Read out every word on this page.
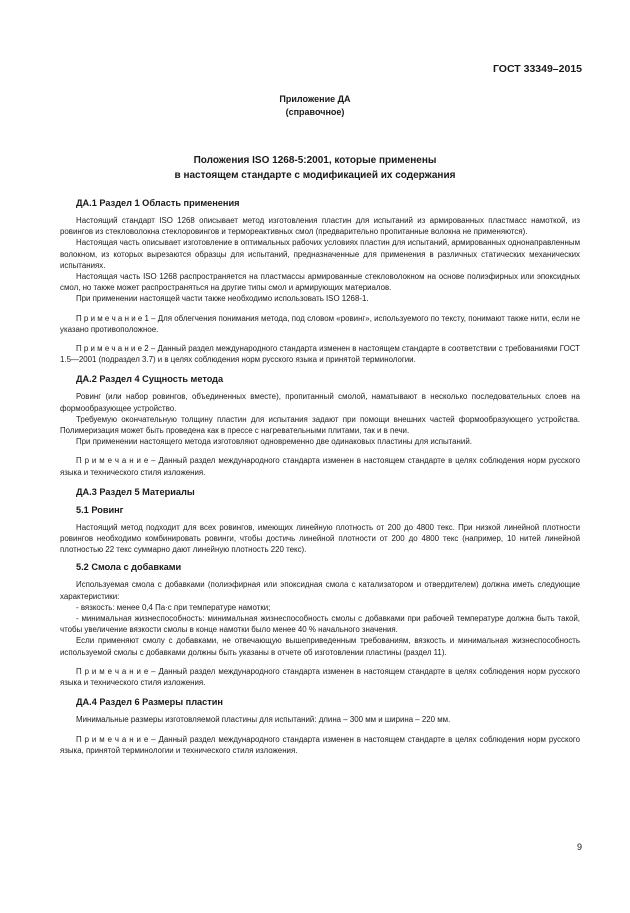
ГОСТ 33349–2015
Приложение ДА
(справочное)
Положения ISO 1268-5:2001, которые применены
в настоящем стандарте с модификацией их содержания
ДА.1 Раздел 1 Область применения

Настоящий стандарт ISO 1268 описывает метод изготовления пластин для испытаний из армированных пластмасс намоткой, из ровингов из стекловолокна стеклоровингов и термореактивных смол (предварительно пропитанные волокна не применяются).

Настоящая часть описывает изготовление в оптимальных рабочих условиях пластин для испытаний, армированных однонаправленным волокном, из которых вырезаются образцы для испытаний, предназначенные для применения в различных статических механических испытаниях.

Настоящая часть ISO 1268 распространяется на пластмассы армированные стекловолокном на основе полиэфирных или эпоксидных смол, но также может распространяться на другие типы смол и армирующих материалов.

При применении настоящей части также необходимо использовать ISO 1268-1.

П р и м е ч а н и е 1 – Для облегчения понимания метода, под словом «ровинг», используемого по тексту, понимают также нити, если не указано противоположное.

П р и м е ч а н и е 2 – Данный раздел международного стандарта изменен в настоящем стандарте в соответствии с требованиями ГОСТ 1.5—2001 (подраздел 3.7) и в целях соблюдения норм русского языка и принятой терминологии.

ДА.2 Раздел 4 Сущность метода

Ровинг (или набор ровингов, объединенных вместе), пропитанный смолой, наматывают в несколько последовательных слоев на формообразующее устройство.

Требуемую окончательную толщину пластин для испытания задают при помощи внешних частей формообразующего устройства. Полимеризация может быть проведена как в прессе с нагревательными плитами, так и в печи.

При применении настоящего метода изготовляют одновременно две одинаковых пластины для испытаний.

П р и м е ч а н и е – Данный раздел международного стандарта изменен в настоящем стандарте в целях соблюдения норм русского языка и технического стиля изложения.

ДА.3 Раздел 5 Материалы
5.1 Ровинг

Настоящий метод подходит для всех ровингов, имеющих линейную плотность от 200 до 4800 текс. При низкой линейной плотности ровингов необходимо комбинировать ровинги, чтобы достичь линейной плотности от 200 до 4800 текс (например, 10 нитей линейной плотностью 22 текс суммарно дают линейную плотность 220 текс).

5.2 Смола с добавками

Используемая смола с добавками (полиэфирная или эпоксидная смола с катализатором и отвердителем) должна иметь следующие характеристики:

- вязкость: менее 0,4 Па·с при температуре намотки;

- минимальная жизнеспособность: минимальная жизнеспособность смолы с добавками при рабочей температуре должна быть такой, чтобы увеличение вязкости смолы в конце намотки было менее 40 % начального значения.

Если применяют смолу с добавками, не отвечающую вышеприведенным требованиям, вязкость и минимальная жизнеспособность используемой смолы с добавками должны быть указаны в отчете об изготовлении пластины (раздел 11).

П р и м е ч а н и е – Данный раздел международного стандарта изменен в настоящем стандарте в целях соблюдения норм русского языка и технического стиля изложения.

ДА.4 Раздел 6 Размеры пластин

Минимальные размеры изготовляемой пластины для испытаний: длина – 300 мм и ширина – 220 мм.

П р и м е ч а н и е – Данный раздел международного стандарта изменен в настоящем стандарте в целях соблюдения норм русского языка, принятой терминологии и технического стиля изложения.

9
